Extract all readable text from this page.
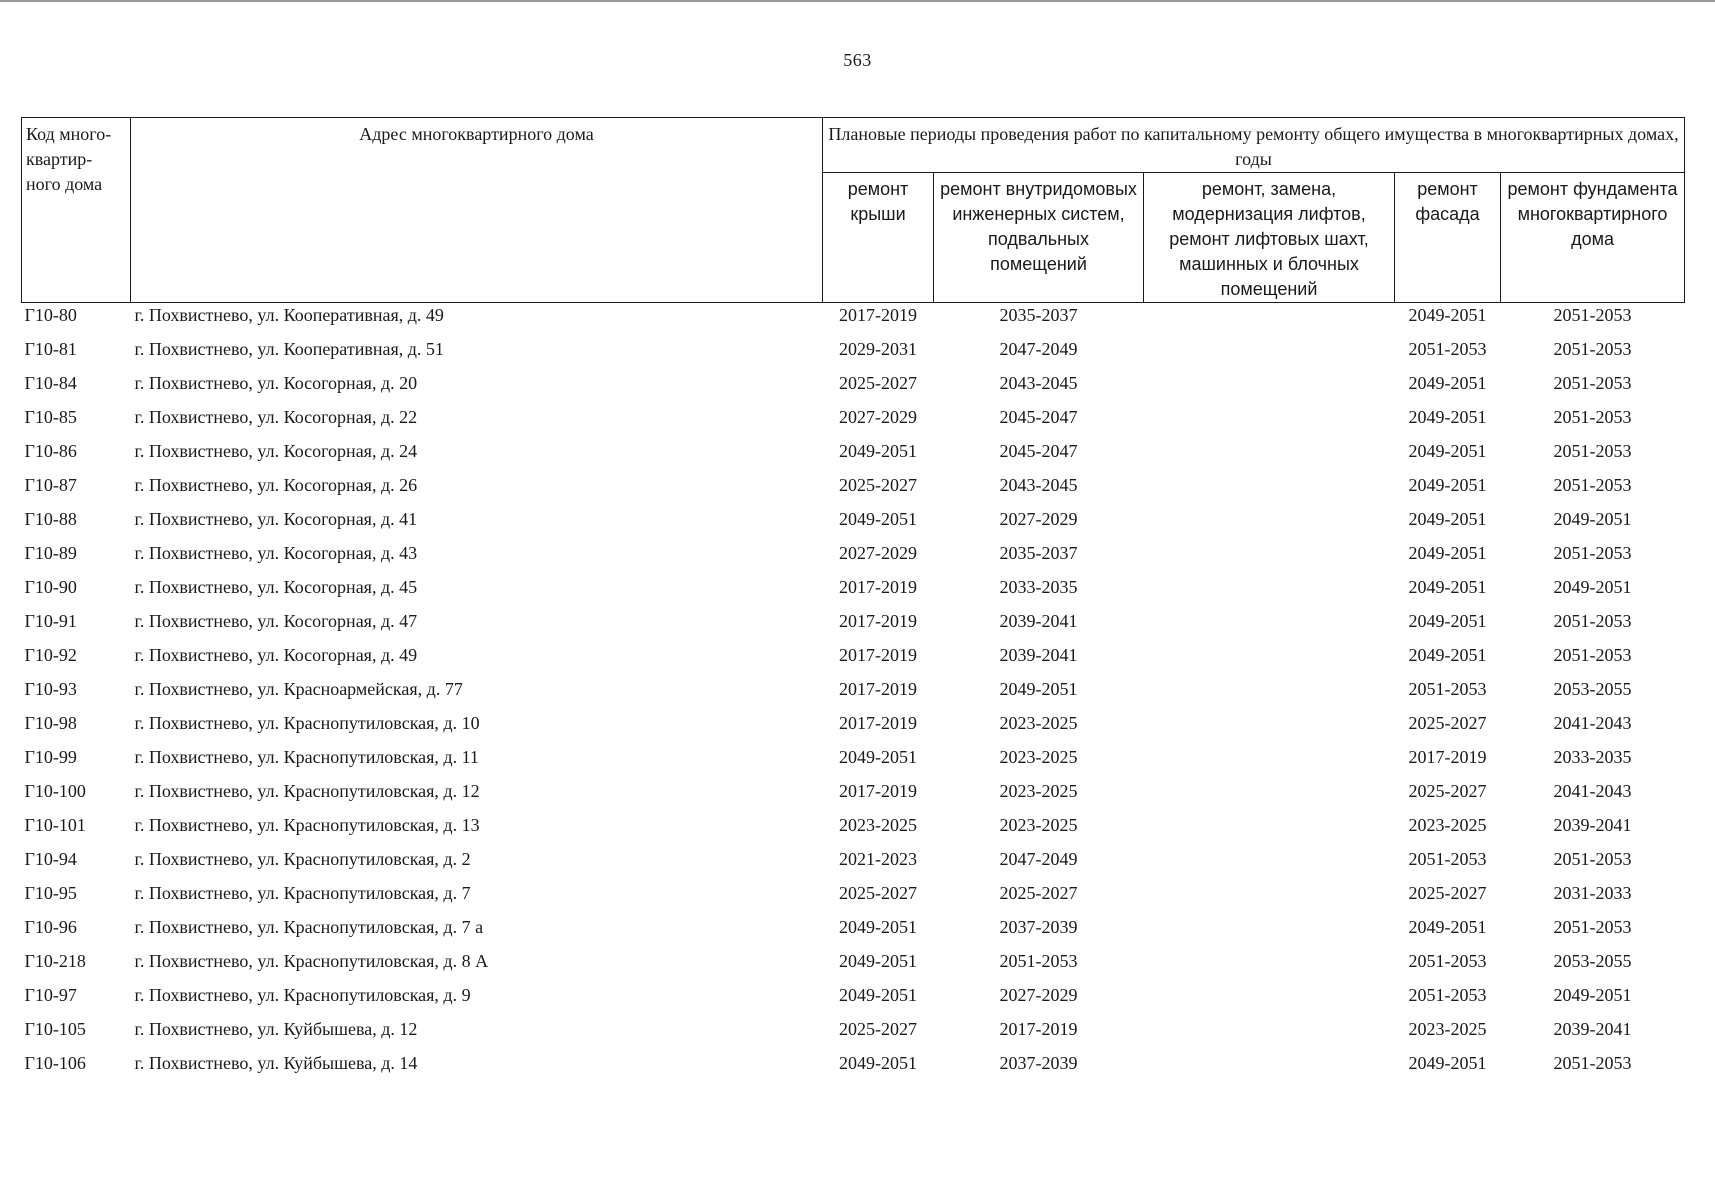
563
Код много-квартир-ного дома	Адрес многоквартирного дома	Плановые периоды проведения работ по капитальному ремонту общего имущества в многоквартирных домах, годы				
		ремонт крыши	ремонт внутридомовых инженерных систем, подвальных помещений	ремонт, замена, модернизация лифтов, ремонт лифтовых шахт, машинных и блочных помещений	ремонт фасада	ремонт фундамента многоквартирного дома
Г10-80	г. Похвистнево, ул. Кооперативная, д. 49	2017-2019	2035-2037		2049-2051	2051-2053
Г10-81	г. Похвистнево, ул. Кооперативная, д. 51	2029-2031	2047-2049		2051-2053	2051-2053
Г10-84	г. Похвистнево, ул. Косогорная, д. 20	2025-2027	2043-2045		2049-2051	2051-2053
Г10-85	г. Похвистнево, ул. Косогорная, д. 22	2027-2029	2045-2047		2049-2051	2051-2053
Г10-86	г. Похвистнево, ул. Косогорная, д. 24	2049-2051	2045-2047		2049-2051	2051-2053
Г10-87	г. Похвистнево, ул. Косогорная, д. 26	2025-2027	2043-2045		2049-2051	2051-2053
Г10-88	г. Похвистнево, ул. Косогорная, д. 41	2049-2051	2027-2029		2049-2051	2049-2051
Г10-89	г. Похвистнево, ул. Косогорная, д. 43	2027-2029	2035-2037		2049-2051	2051-2053
Г10-90	г. Похвистнево, ул. Косогорная, д. 45	2017-2019	2033-2035		2049-2051	2049-2051
Г10-91	г. Похвистнево, ул. Косогорная, д. 47	2017-2019	2039-2041		2049-2051	2051-2053
Г10-92	г. Похвистнево, ул. Косогорная, д. 49	2017-2019	2039-2041		2049-2051	2051-2053
Г10-93	г. Похвистнево, ул. Красноармейская, д. 77	2017-2019	2049-2051		2051-2053	2053-2055
Г10-98	г. Похвистнево, ул. Краснопутиловская, д. 10	2017-2019	2023-2025		2025-2027	2041-2043
Г10-99	г. Похвистнево, ул. Краснопутиловская, д. 11	2049-2051	2023-2025		2017-2019	2033-2035
Г10-100	г. Похвистнево, ул. Краснопутиловская, д. 12	2017-2019	2023-2025		2025-2027	2041-2043
Г10-101	г. Похвистнево, ул. Краснопутиловская, д. 13	2023-2025	2023-2025		2023-2025	2039-2041
Г10-94	г. Похвистнево, ул. Краснопутиловская, д. 2	2021-2023	2047-2049		2051-2053	2051-2053
Г10-95	г. Похвистнево, ул. Краснопутиловская, д. 7	2025-2027	2025-2027		2025-2027	2031-2033
Г10-96	г. Похвистнево, ул. Краснопутиловская, д. 7 а	2049-2051	2037-2039		2049-2051	2051-2053
Г10-218	г. Похвистнево, ул. Краснопутиловская, д. 8 А	2049-2051	2051-2053		2051-2053	2053-2055
Г10-97	г. Похвистнево, ул. Краснопутиловская, д. 9	2049-2051	2027-2029		2051-2053	2049-2051
Г10-105	г. Похвистнево, ул. Куйбышева, д. 12	2025-2027	2017-2019		2023-2025	2039-2041
Г10-106	г. Похвистнево, ул. Куйбышева, д. 14	2049-2051	2037-2039		2049-2051	2051-2053
